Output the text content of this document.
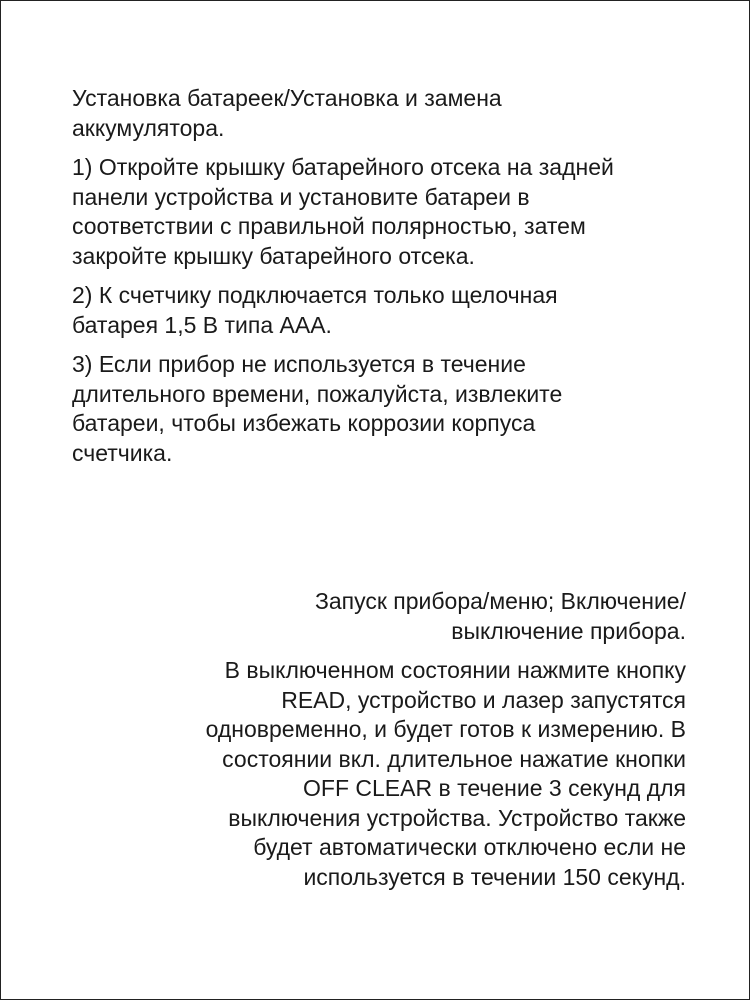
Установка батареек/Установка и замена
аккумулятора.

1) Откройте крышку батарейного отсека на задней
панели устройства и установите батареи в
соответствии с правильной полярностью, затем
закройте крышку батарейного отсека.

2) К счетчику подключается только щелочная
батарея 1,5 В типа AAA.

3) Если прибор не используется в течение
длительного времени, пожалуйста, извлеките
батареи, чтобы избежать коррозии корпуса
счетчика.

Запуск прибора/меню; Включение/
выключение прибора.

В выключенном состоянии нажмите кнопку
READ, устройство и лазер запустятся
одновременно, и будет готов к измерению. В
состоянии вкл. длительное нажатие кнопки
OFF CLEAR в течение 3 секунд для
выключения устройства. Устройство также
будет автоматически отключено если не
используется в течении 150 секунд.
